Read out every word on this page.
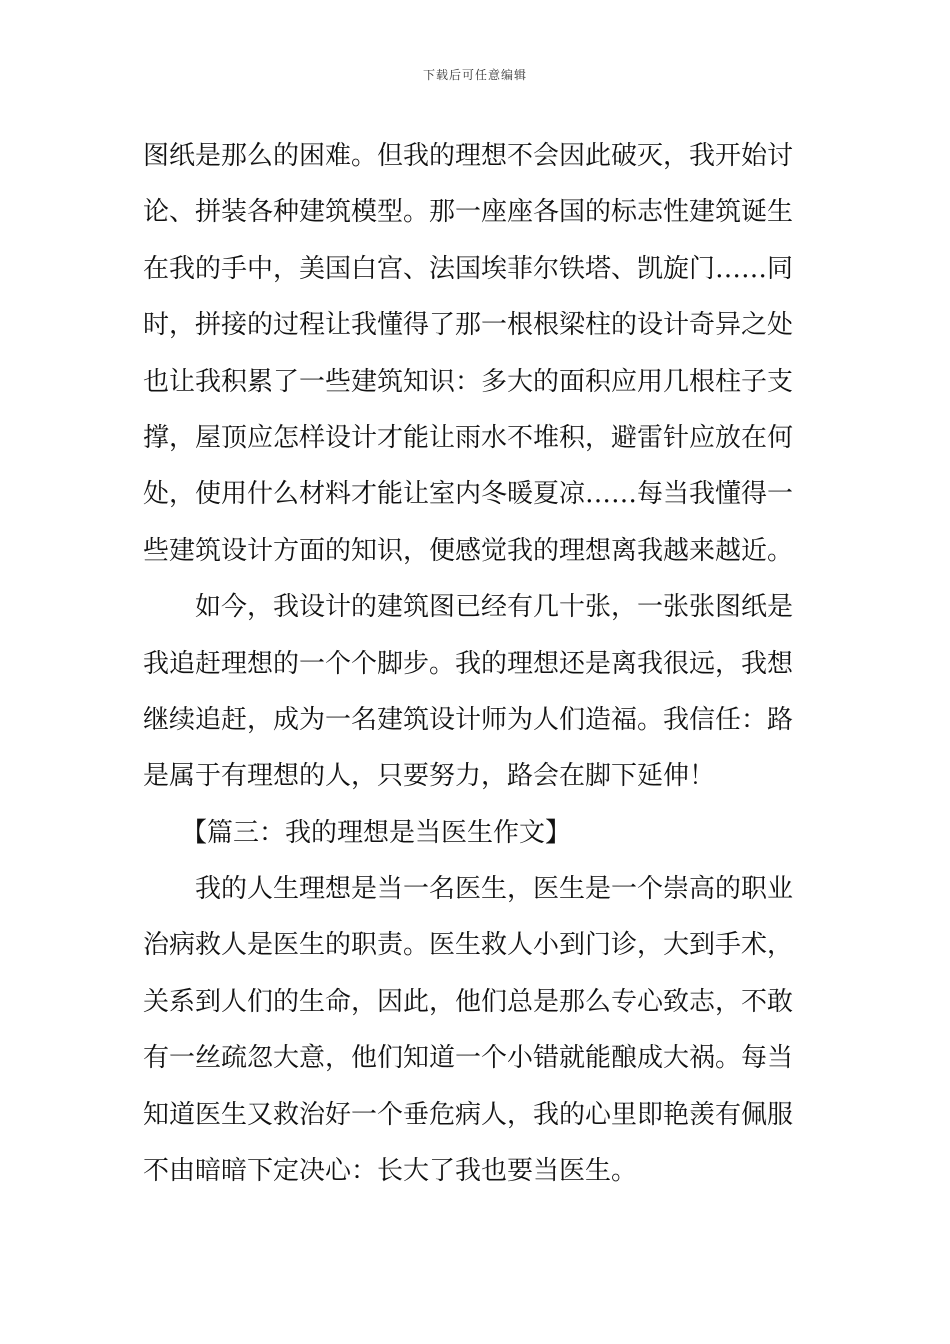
下载后可任意编辑
图纸是那么的困难。但我的理想不会因此破灭，我开始讨
论、拼装各种建筑模型。那一座座各国的标志性建筑诞生
在我的手中，美国白宫、法国埃菲尔铁塔、凯旋门……同
时，拼接的过程让我懂得了那一根根梁柱的设计奇异之处
也让我积累了一些建筑知识：多大的面积应用几根柱子支
撑，屋顶应怎样设计才能让雨水不堆积，避雷针应放在何
处，使用什么材料才能让室内冬暖夏凉……每当我懂得一
些建筑设计方面的知识，便感觉我的理想离我越来越近。
如今，我设计的建筑图已经有几十张，一张张图纸是
我追赶理想的一个个脚步。我的理想还是离我很远，我想
继续追赶，成为一名建筑设计师为人们造福。我信任：路
是属于有理想的人，只要努力，路会在脚下延伸！
【篇三：我的理想是当医生作文】
我的人生理想是当一名医生，医生是一个崇高的职业
治病救人是医生的职责。医生救人小到门诊，大到手术，
关系到人们的生命，因此，他们总是那么专心致志，不敢
有一丝疏忽大意，他们知道一个小错就能酿成大祸。每当
知道医生又救治好一个垂危病人，我的心里即艳羡有佩服
不由暗暗下定决心：长大了我也要当医生。
